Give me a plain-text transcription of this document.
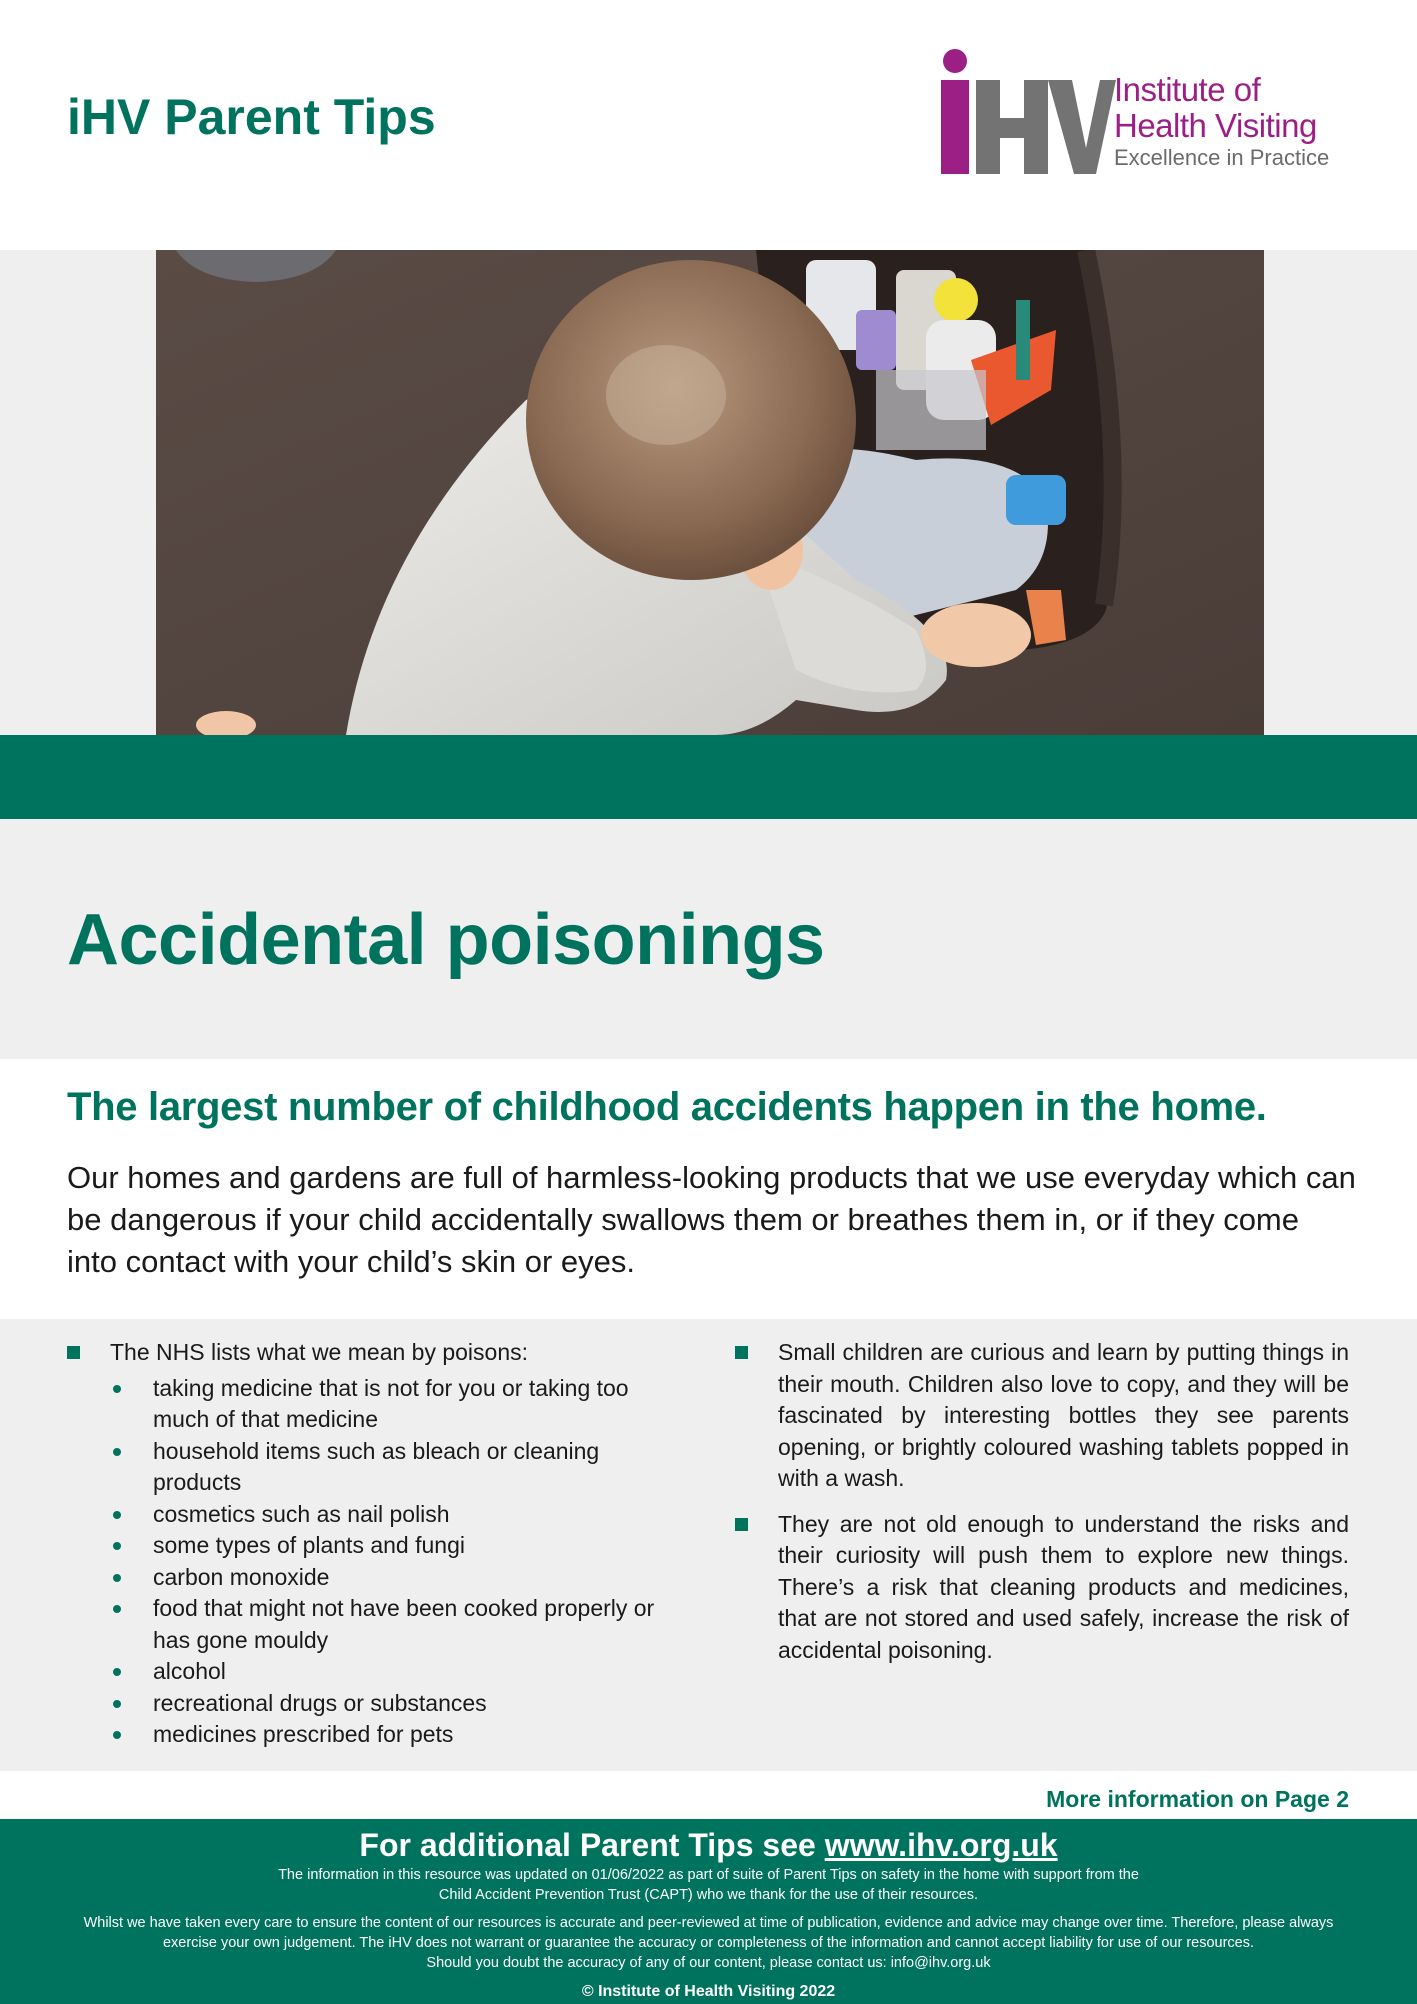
iHV Parent Tips	Institute of
Health Visiting
Excellence in Practice
Accidental poisonings
The largest number of childhood accidents happen in the home.

Our homes and gardens are full of harmless-looking products that we use everyday which can be dangerous if your child accidentally swallows them or breathes them in, or if they come into contact with your child’s skin or eyes.

The NHS lists what we mean by poisons:
taking medicine that is not for you or taking too much of that medicine
household items such as bleach or cleaning products
cosmetics such as nail polish
some types of plants and fungi
carbon monoxide
food that might not have been cooked properly or has gone mouldy
alcohol
recreational drugs or substances
medicines prescribed for pets
Small children are curious and learn by putting things in their mouth. Children also love to copy, and they will be fascinated by interesting bottles they see parents opening, or brightly coloured washing tablets popped in with a wash.
They are not old enough to understand the risks and their curiosity will push them to explore new things. There’s a risk that cleaning products and medicines, that are not stored and used safely, increase the risk of accidental poisoning.
More information on Page 2

For additional Parent Tips see www.ihv.org.uk

The information in this resource was updated on 01/06/2022 as part of suite of Parent Tips on safety in the home with support from the

Child Accident Prevention Trust (CAPT) who we thank for the use of their resources.

Whilst we have taken every care to ensure the content of our resources is accurate and peer-reviewed at time of publication, evidence and advice may change over time. Therefore, please always

exercise your own judgement. The iHV does not warrant or guarantee the accuracy or completeness of the information and cannot accept liability for use of our resources.

Should you doubt the accuracy of any of our content, please contact us: info@ihv.org.uk

© Institute of Health Visiting 2022
